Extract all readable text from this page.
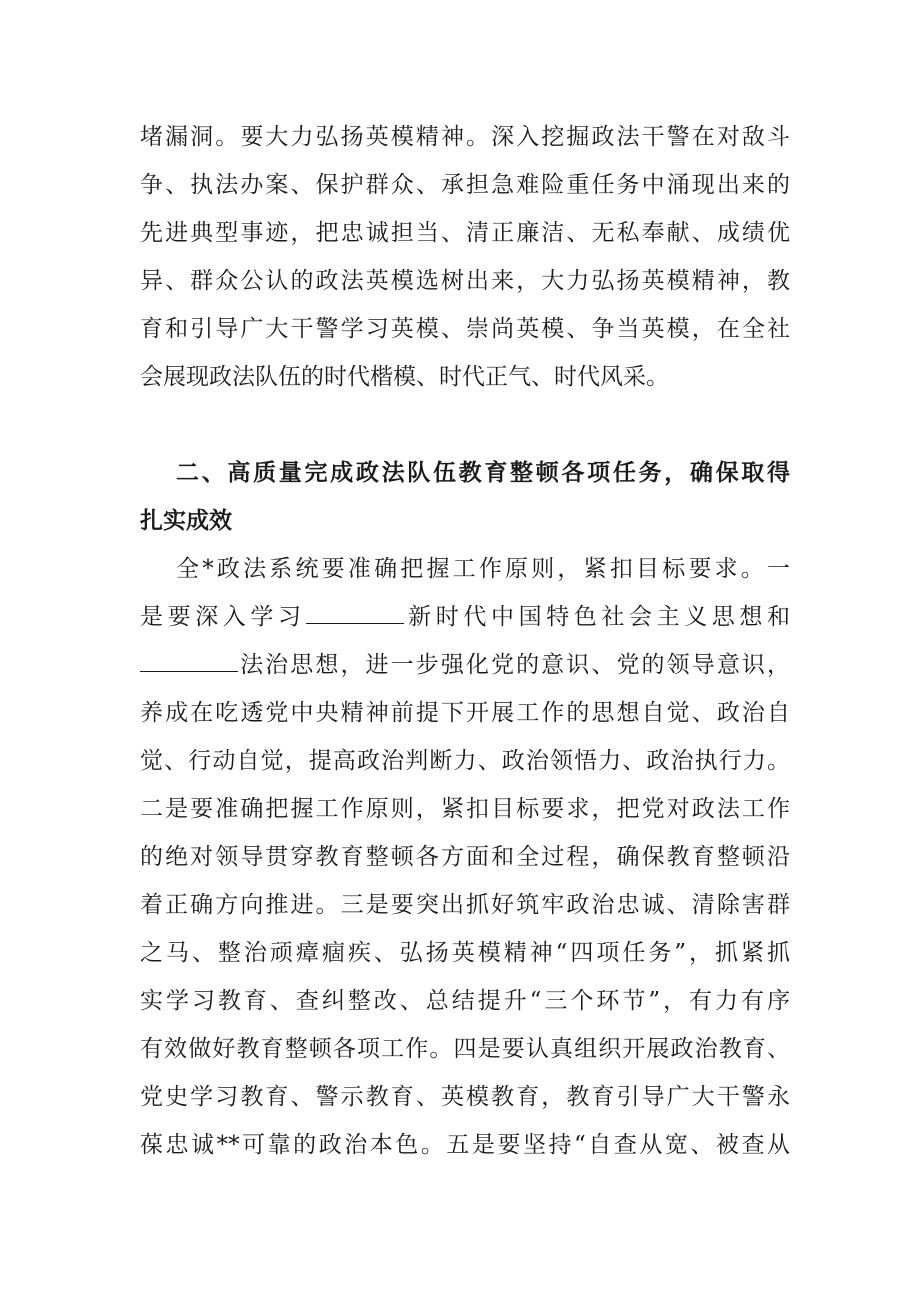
堵漏洞。要大力弘扬英模精神。深入挖掘政法干警在对敌斗
争、执法办案、保护群众、承担急难险重任务中涌现出来的
先进典型事迹，把忠诚担当、清正廉洁、无私奉献、成绩优
异、群众公认的政法英模选树出来，大力弘扬英模精神，教
育和引导广大干警学习英模、崇尚英模、争当英模，在全社
会展现政法队伍的时代楷模、时代正气、时代风采。
二、高质量完成政法队伍教育整顿各项任务，确保取得
扎实成效
全*政法系统要准确把握工作原则，紧扣目标要求。一
是要深入学习	新时代中国特色社会主义思想和
法治思想，进一步强化党的意识、党的领导意识，
养成在吃透党中央精神前提下开展工作的思想自觉、政治自
觉、行动自觉，提高政治判断力、政治领悟力、政治执行力。
二是要准确把握工作原则，紧扣目标要求，把党对政法工作
的绝对领导贯穿教育整顿各方面和全过程，确保教育整顿沿
着正确方向推进。三是要突出抓好筑牢政治忠诚、清除害群
之马、整治顽瘴痼疾、弘扬英模精神“四项任务”，抓紧抓
实学习教育、查纠整改、总结提升“三个环节”，有力有序
有效做好教育整顿各项工作。四是要认真组织开展政治教育、
党史学习教育、警示教育、英模教育，教育引导广大干警永
葆忠诚**可靠的政治本色。五是要坚持“自查从宽、被查从
